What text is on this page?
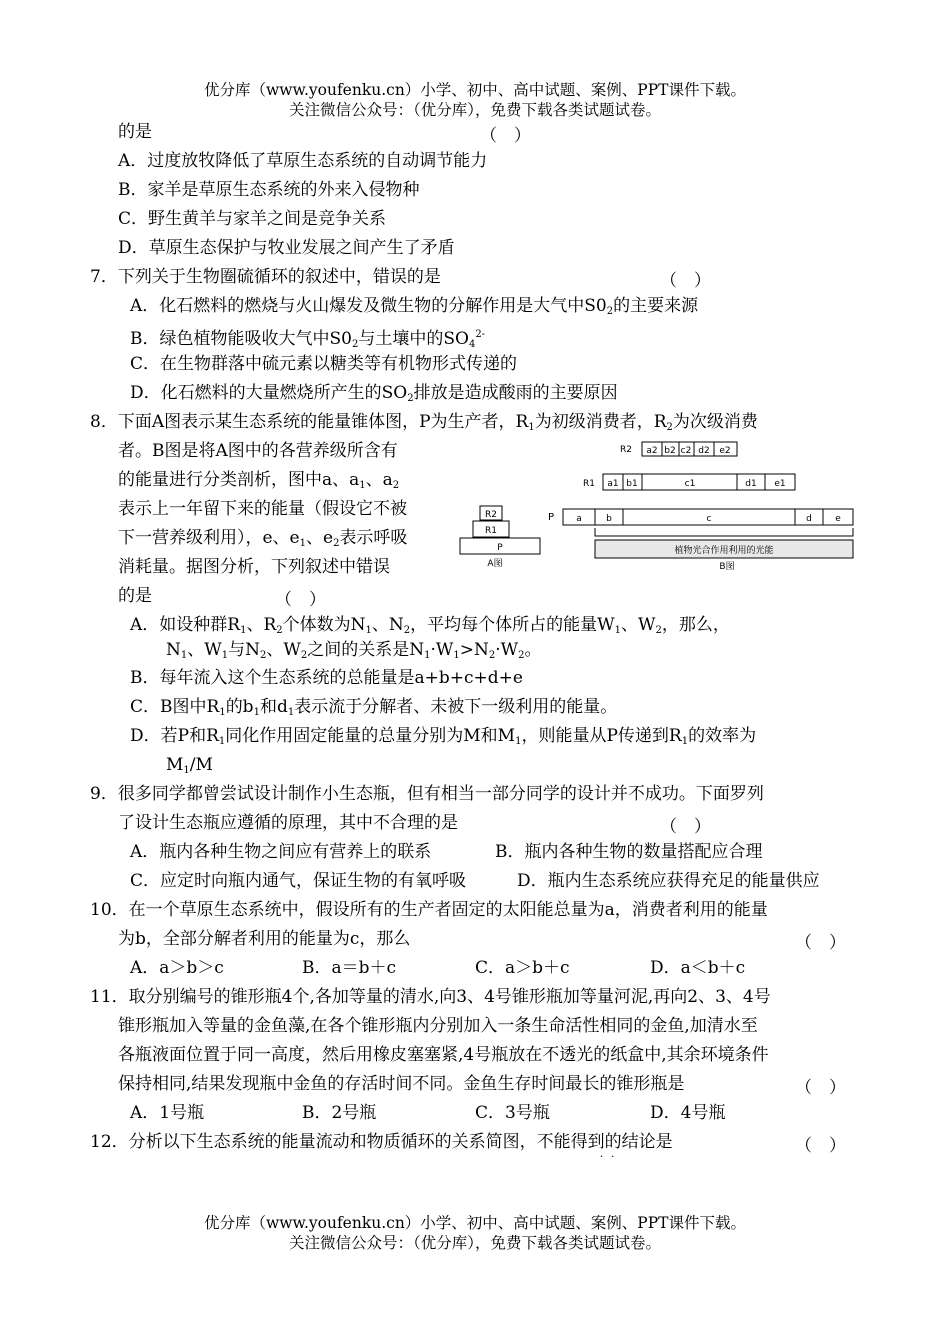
优分库（www.youfenku.cn）小学、初中、高中试题、案例、PPT课件下载。
关注微信公众号：（优分库），免费下载各类试题试卷。
的是	（　）
A．过度放牧降低了草原生态系统的自动调节能力
B．家羊是草原生态系统的外来入侵物种
C．野生黄羊与家羊之间是竞争关系
D．草原生态保护与牧业发展之间产生了矛盾
7．下列关于生物圈硫循环的叙述中，错误的是	（　）
A．化石燃料的燃烧与火山爆发及微生物的分解作用是大气中$S0_2$的主要来源
B．绿色植物能吸收大气中$S0_2$与土壤中的$SO_4^{2-}$
C．在生物群落中硫元素以糖类等有机物形式传递的
D．化石燃料的大量燃烧所产生的$SO_2$排放是造成酸雨的主要原因
8．下面A图表示某生态系统的能量锥体图，P为生产者，$R_1$为初级消费者，$R_2$为次级消费
者。B图是将A图中的各营养级所含有
的能量进行分类剖析，图中a、$a_1$、$a_2$
表示上一年留下来的能量（假设它不被
下一营养级利用），e、$e_1$、$e_2$表示呼吸
消耗量。据图分析，下列叙述中错误
的是	（　）
R2
R1
P
A图
R2 a2 b2 c2 d2 e2
R1 a1 b1	c1	d1 e1
P a	b	c	d	e
植物光合作用利用的光能
B图
A．如设种群$R_1$、$R_2$个体数为$N_1$、$N_2$，平均每个体所占的能量$W_1$、$W_2$，那么，
$N_1$、$W_1$与$N_2$、$W_2$之间的关系是$N_1\cdot W_1>N_2\cdot W_2$。
B．每年流入这个生态系统的总能量是a+b+c+d+e
C．B图中$R_1$的$b_1$和$d_1$表示流于分解者、未被下一级利用的能量。
D．若P和$R_1$同化作用固定能量的总量分别为M和$M_1$，则能量从P传递到$R_1$的效率为
$M_1/M$
9．很多同学都曾尝试设计制作小生态瓶，但有相当一部分同学的设计并不成功。下面罗列
了设计生态瓶应遵循的原理，其中不合理的是	（　）
A．瓶内各种生物之间应有营养上的联系	B．瓶内各种生物的数量搭配应合理
C．应定时向瓶内通气，保证生物的有氧呼吸	D．瓶内生态系统应获得充足的能量供应
10．在一个草原生态系统中，假设所有的生产者固定的太阳能总量为a，消费者利用的能量
为b，全部分解者利用的能量为c，那么	（　）
A．a＞b＞c	B．a＝b＋c	C．a＞b＋c	D．a＜b＋c
11．取分别编号的锥形瓶4个,各加等量的清水,向3、4号锥形瓶加等量河泥,再向2、3、4号
锥形瓶加入等量的金鱼藻,在各个锥形瓶内分别加入一条生命活性相同的金鱼,加清水至
各瓶液面位置于同一高度，然后用橡皮塞塞紧,4号瓶放在不透光的纸盒中,其余环境条件
保持相同,结果发现瓶中金鱼的存活时间不同。金鱼生存时间最长的锥形瓶是	（　）
A．1号瓶	B．2号瓶	C．3号瓶	D．4号瓶
12．分析以下生态系统的能量流动和物质循环的关系简图，不能得到的结论是	（　）
··
优分库（www.youfenku.cn）小学、初中、高中试题、案例、PPT课件下载。
关注微信公众号：（优分库），免费下载各类试题试卷。
